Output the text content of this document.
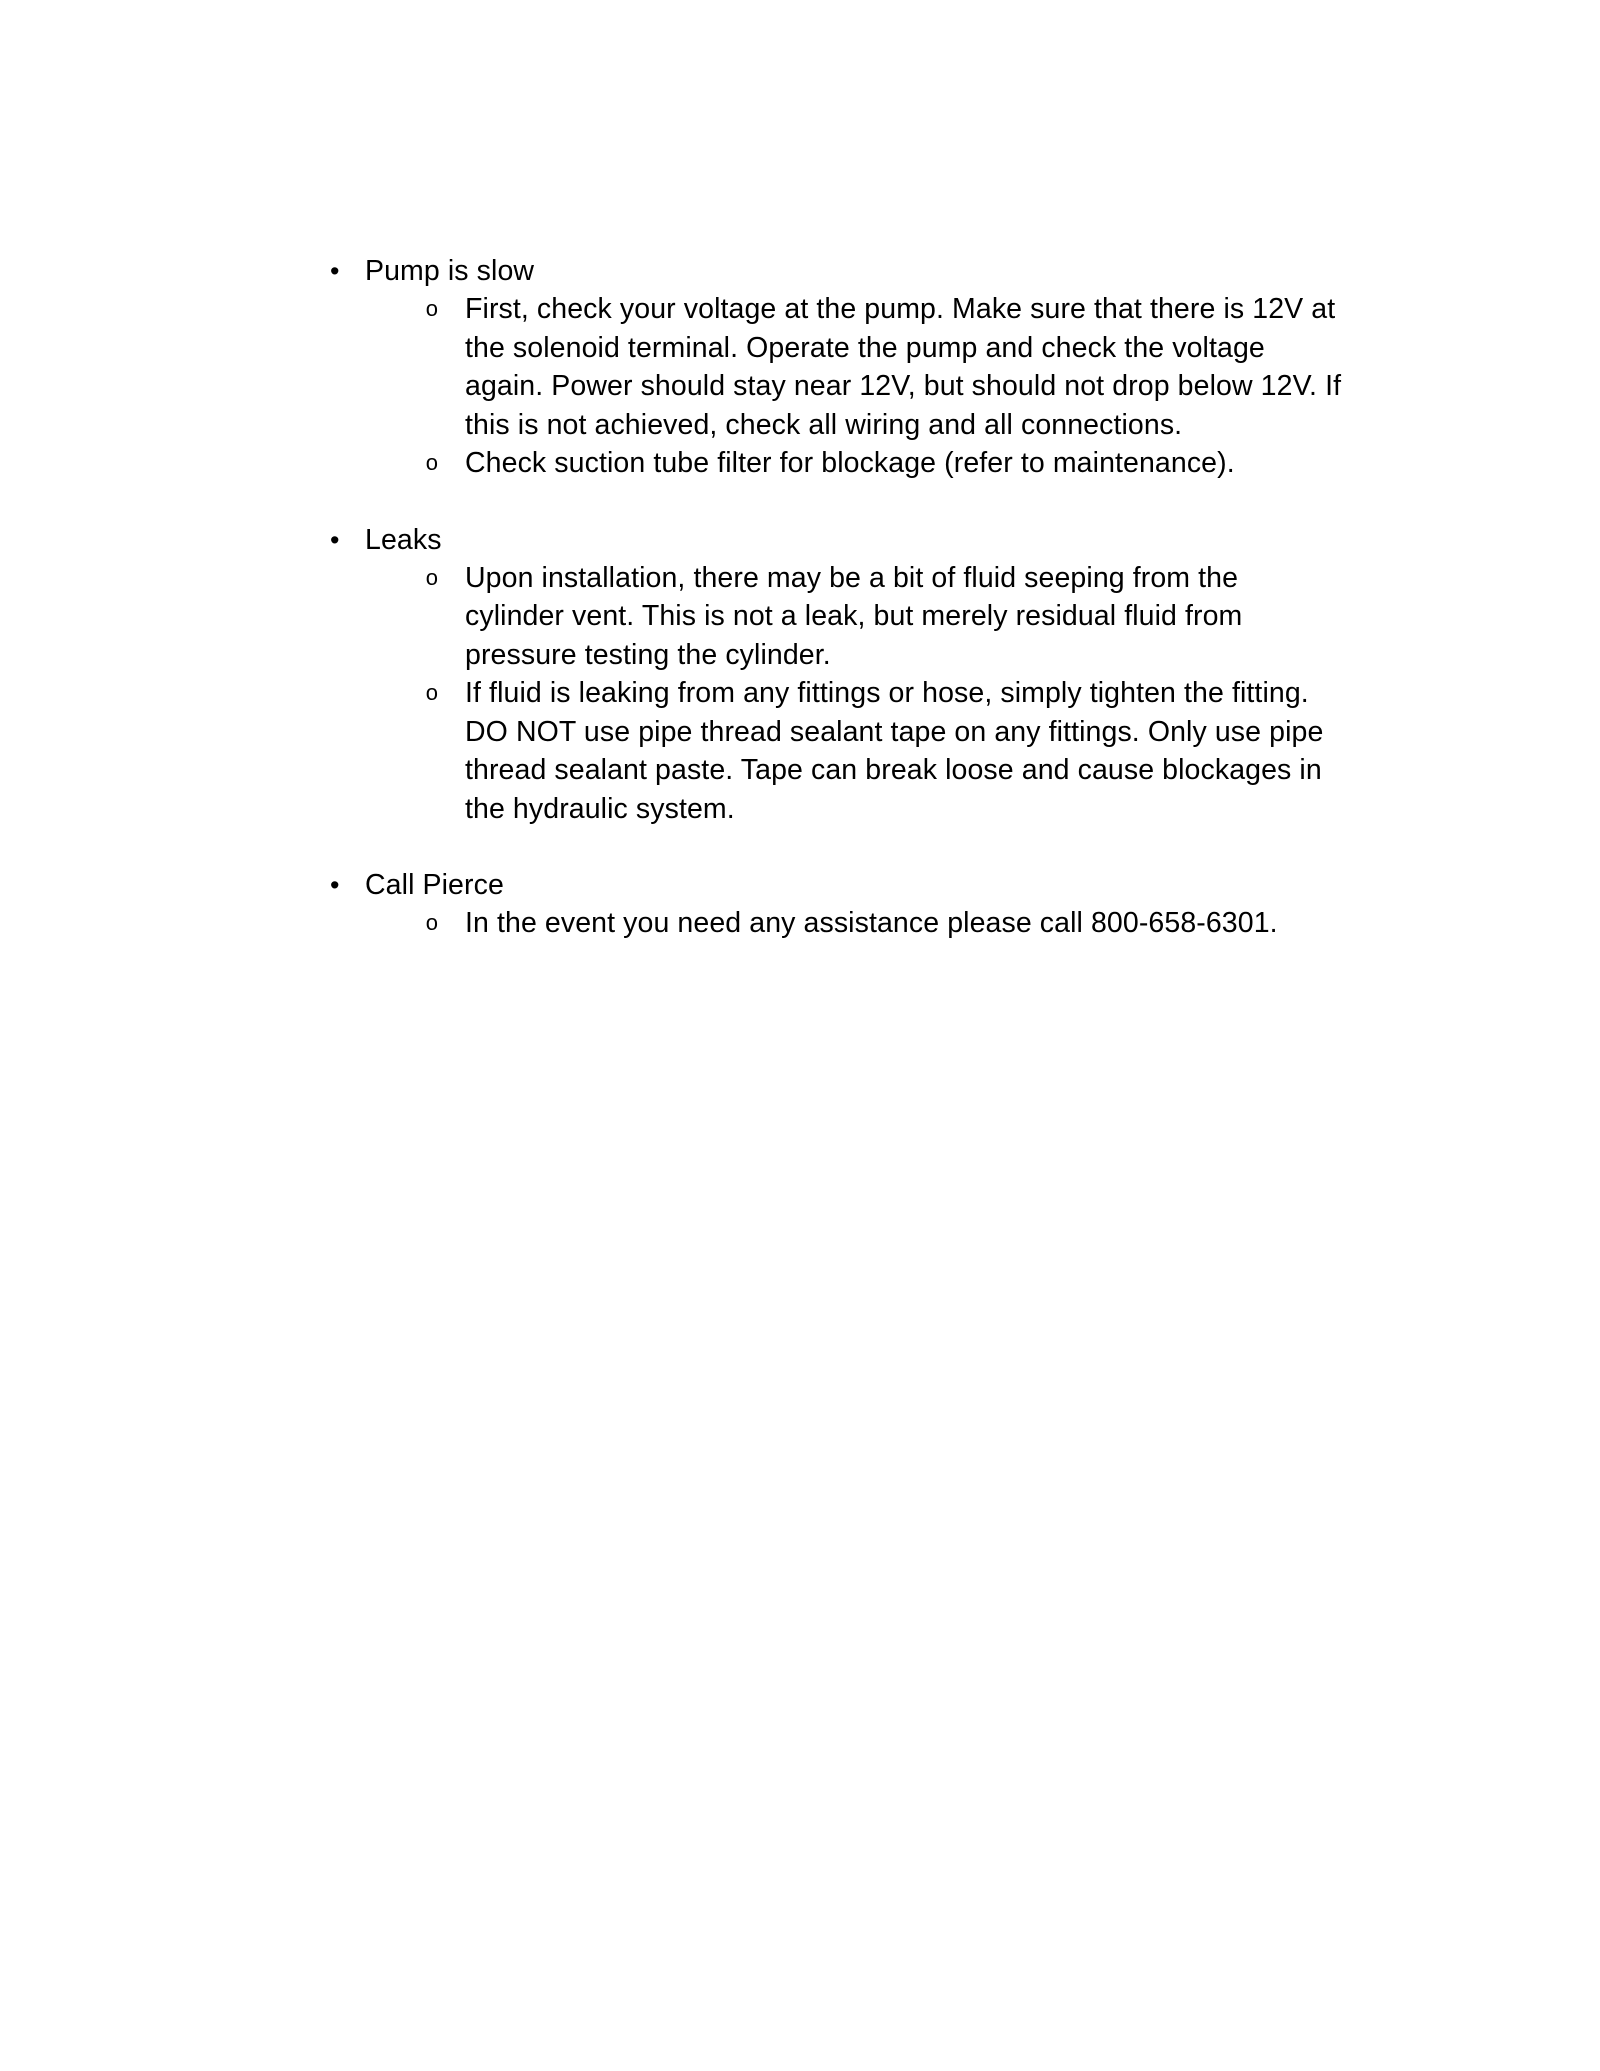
• Pump is slow
o First, check your voltage at the pump. Make sure that there is 12V at the solenoid terminal. Operate the pump and check the voltage again. Power should stay near 12V, but should not drop below 12V. If this is not achieved, check all wiring and all connections.
o Check suction tube filter for blockage (refer to maintenance).
• Leaks
o Upon installation, there may be a bit of fluid seeping from the cylinder vent. This is not a leak, but merely residual fluid from pressure testing the cylinder.
o If fluid is leaking from any fittings or hose, simply tighten the fitting. DO NOT use pipe thread sealant tape on any fittings. Only use pipe thread sealant paste. Tape can break loose and cause blockages in the hydraulic system.
• Call Pierce
o In the event you need any assistance please call 800-658-6301.
